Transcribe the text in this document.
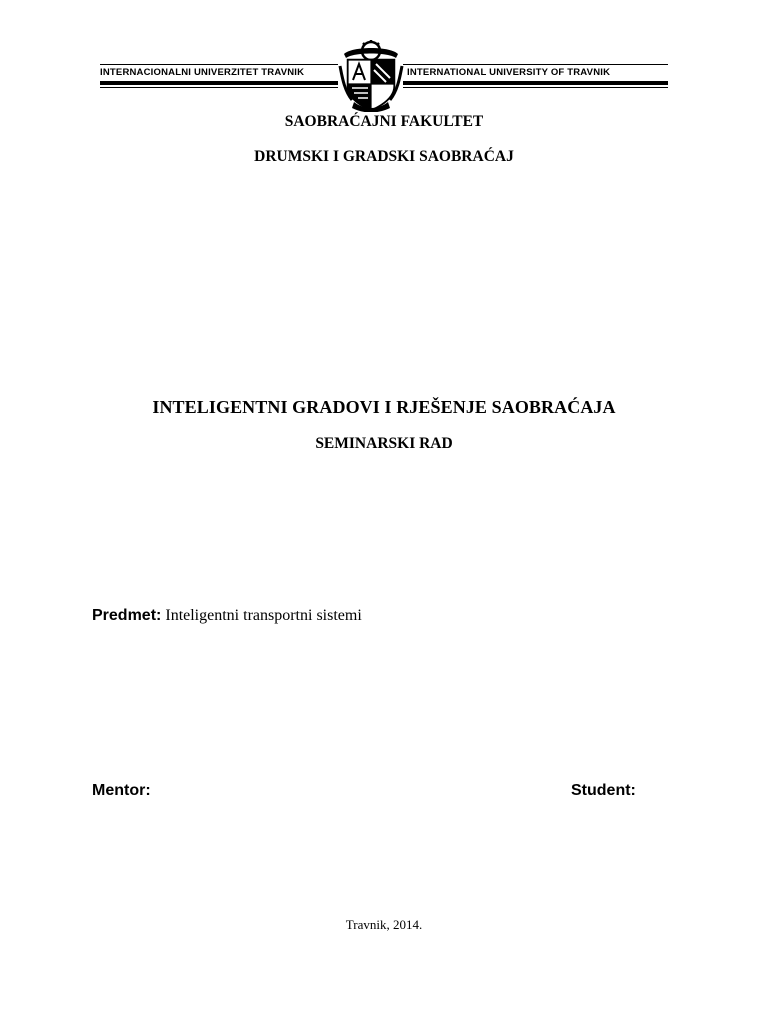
INTERNACIONALNI UNIVERZITET TRAVNIK	INTERNATIONAL UNIVERSITY OF TRAVNIK
SAOBRAĆAJNI FAKULTET
DRUMSKI I GRADSKI SAOBRAĆAJ
INTELIGENTNI GRADOVI I RJEŠENJE SAOBRAĆAJA
SEMINARSKI RAD
Predmet: Inteligentni transportni sistemi
Mentor:	Student:
Travnik, 2014.
